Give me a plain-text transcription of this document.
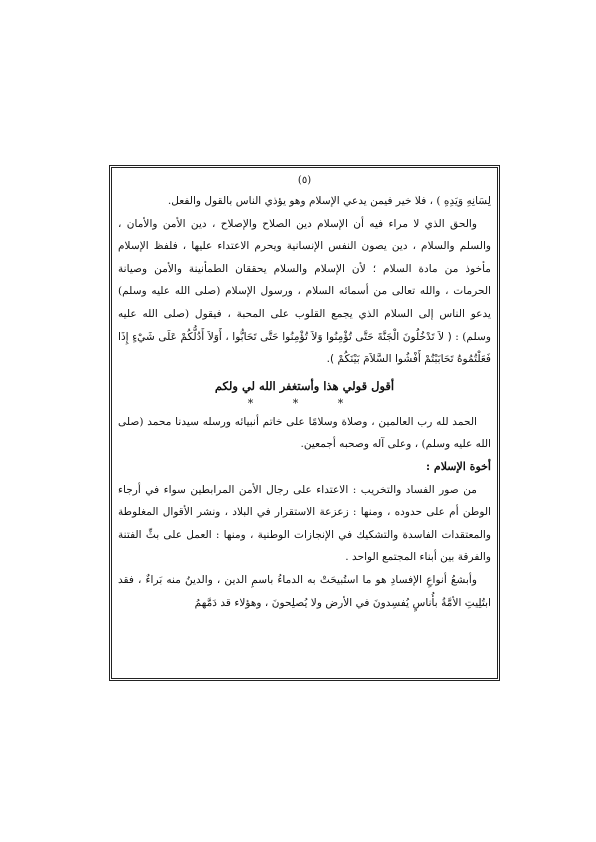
(٥)

لِسَانِهِ وَيَدِهِ ) ، فلا خير فيمن يدعي الإسلام وهو يؤذي الناس بالقول والفعل.

والحق الذي لا مراء فيه أن الإسلام دين الصلاح والإصلاح ، دين الأمن والأمان ، والسلم والسلام ، دين يصون النفس الإنسانية ويحرم الاعتداء عليها ، فلفظ الإسلام مأخوذ من مادة السلام ؛ لأن الإسلام والسلام يحققان الطمأنينة والأمن وصيانة الحرمات ، والله تعالى من أسمائه السلام ، ورسول الإسلام (صلى الله عليه وسلم) يدعو الناس إلى السلام الذي يجمع القلوب على المحبة ، فيقول (صلى الله عليه وسلم) : ( لاَ تَدْخُلُونَ الْجَنَّةَ حَتَّى تُؤْمِنُوا وَلاَ تُؤْمِنُوا حَتَّى تَحَابُّوا ، أَوَلاَ أَدُلُّكُمْ عَلَى شَيْءٍ إِذَا فَعَلْتُمُوهُ تَحَابَبْتُمْ أَفْشُوا السَّلاَمَ بَيْنَكُمْ ).

أقول قولي هذا وأستغفر الله لي ولكم

* * *

الحمد لله رب العالمين ، وصلاة وسلامًا على خاتم أنبيائه ورسله سيدنا محمد (صلى الله عليه وسلم) ، وعلى آله وصحبه أجمعين.

أخوة الإسلام :

من صور الفساد والتخريب : الاعتداء على رجال الأمن المرابطين سواء في أرجاء الوطن أم على حدوده ، ومنها : زعزعة الاستقرار في البلاد ، ونشر الأقوال المغلوطة والمعتقدات الفاسدة والتشكيك في الإنجازات الوطنية ، ومنها : العمل على بثِّ الفتنة والفرقة بين أبناء المجتمع الواحد .

وأبشعُ أنواعِ الإفسادِ هو ما استُبيحَتْ به الدماءُ باسمِ الدين ، والدينُ منه بَراءٌ ، فقد ابتُلِيتِ الأمَّةُ بأُناسٍ يُفسِدونَ في الأرض ولا يُصلِحونَ ، وهؤلاء قد دَمَّهمُ
